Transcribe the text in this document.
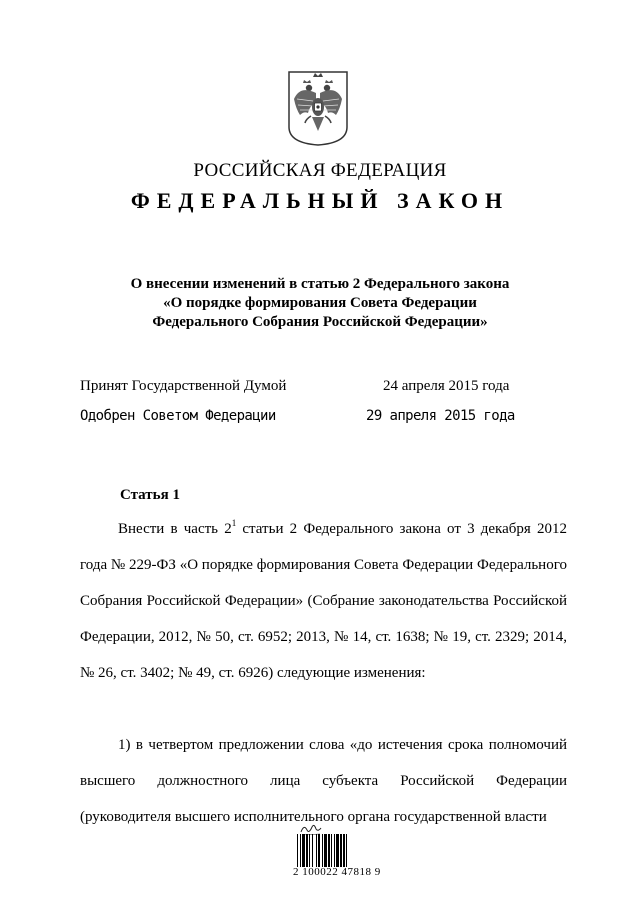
РОССИЙСКАЯ ФЕДЕРАЦИЯ
ФЕДЕРАЛЬНЫЙ ЗАКОН
О внесении изменений в статью 2 Федерального закона
«О порядке формирования Совета Федерации
Федерального Собрания Российской Федерации»
Принят Государственной Думой	24 апреля 2015 года
Одобрен Советом Федерации	29 апреля 2015 года
Статья 1
Внести в часть $2^1$ статьи 2 Федерального закона от 3 декабря 2012 года № 229-ФЗ «О порядке формирования Совета Федерации Федерального Собрания Российской Федерации» (Собрание законодательства Российской Федерации, 2012, № 50, ст. 6952; 2013, № 14, ст. 1638; № 19, ст. 2329; 2014, № 26, ст. 3402; № 49, ст. 6926) следующие изменения:
1) в четвертом предложении слова «до истечения срока полномочий высшего должностного лица субъекта Российской Федерации (руководителя высшего исполнительного органа государственной власти
2 100022 47818 9
